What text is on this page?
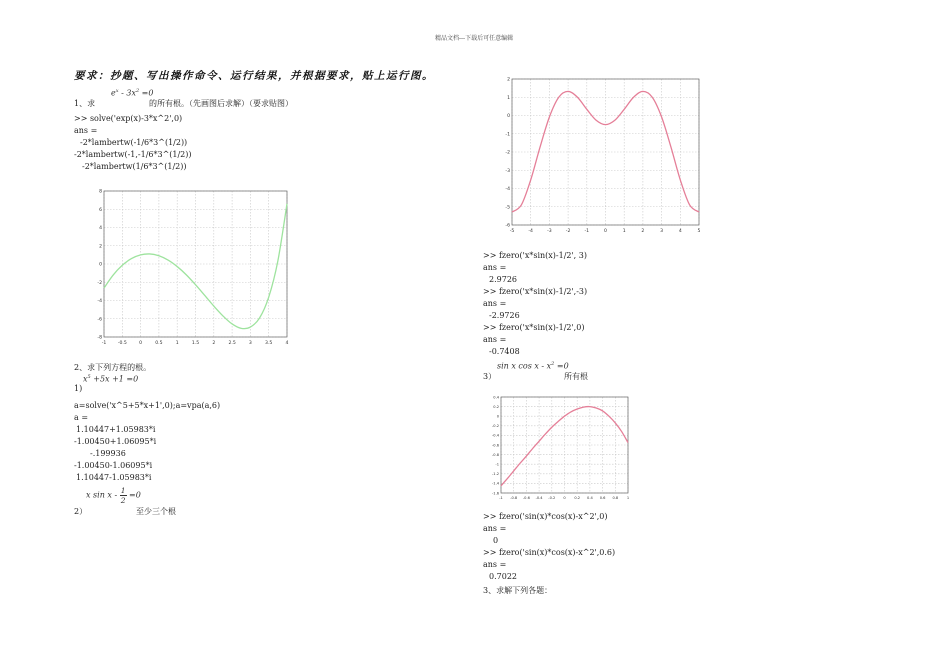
精品文档---下载后可任意编辑
要求：抄题、写出操作命令、运行结果，并根据要求，贴上运行图。
$e^x - 3x^2 =0$
1、求	的所有根。（先画图后求解）（要求贴图）
>> solve('exp(x)-3*x^2',0)
ans =
-2*lambertw(-1/6*3^(1/2))
-2*lambertw(-1,-1/6*3^(1/2))
-2*lambertw(1/6*3^(1/2))
-1	-0.5	0	0.5	1	1.5	2	2.5	3	3.5	4
-8
-6
-4
-2
0
2
4
6
8
2、求下列方程的根。
$x^5 +5x +1 =0$
1)
a=solve('x^5+5*x+1',0);a=vpa(a,6)
a =
1.10447+1.05983*i
-1.00450+1.06095*i
-.199936
-1.00450-1.06095*i
1.10447-1.05983*i
x $\sin x - \frac{1}{2} =0$
2）	至少三个根
-5	-4	-3	-2	-1	0	1	2	3	4	5
-6
-5
-4
-3
-2
-1
0
1
2
>> fzero('x*sin(x)-1/2', 3)
ans =
2.9726
>> fzero('x*sin(x)-1/2',-3)
ans =
-2.9726
>> fzero('x*sin(x)-1/2',0)
ans =
-0.7408
sin x $\cos x - x^2 =0$
3）	所有根
-1 -0.8 -0.6 -0.4 -0.2 0 0.2 0.4 0.6 0.8 1
-1.6
-1.4
-1.2
-1
-0.8
-0.6
-0.4
-0.2
0
0.2
0.4
>> fzero('sin(x)*cos(x)-x^2',0)
ans =
0
>> fzero('sin(x)*cos(x)-x^2',0.6)
ans =
0.7022
3、求解下列各题：
